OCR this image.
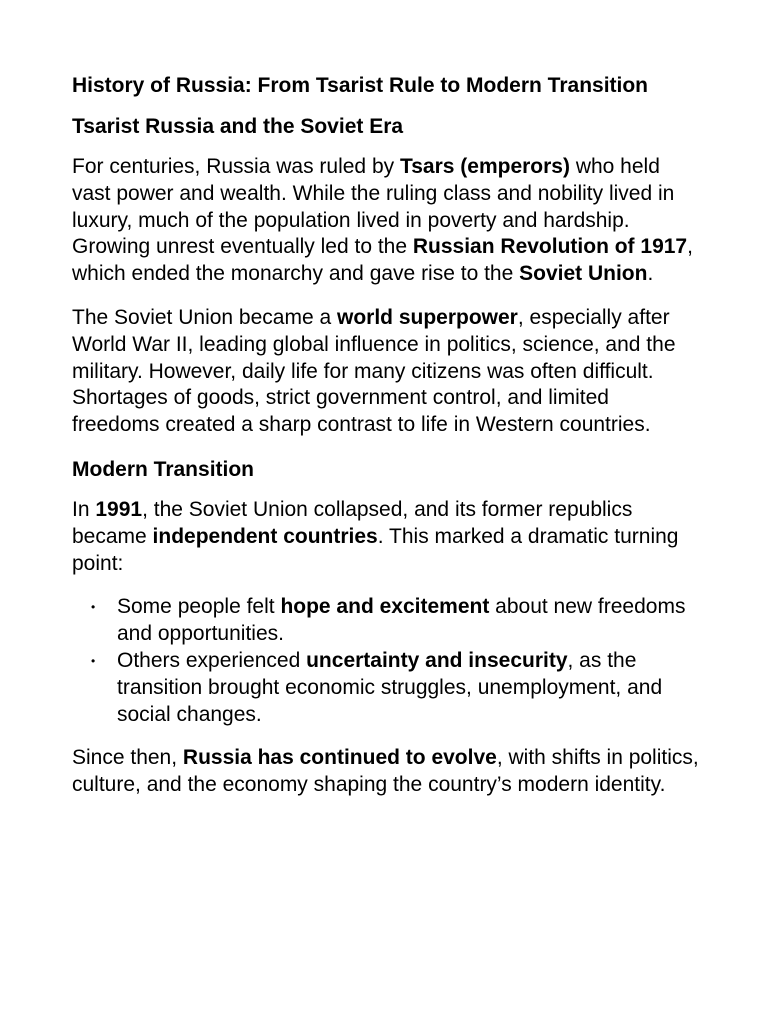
History of Russia: From Tsarist Rule to Modern Transition
Tsarist Russia and the Soviet Era

For centuries, Russia was ruled by Tsars (emperors) who held vast power and wealth. While the ruling class and nobility lived in luxury, much of the population lived in poverty and hardship. Growing unrest eventually led to the Russian Revolution of 1917, which ended the monarchy and gave rise to the Soviet Union.

The Soviet Union became a world superpower, especially after World War II, leading global influence in politics, science, and the military. However, daily life for many citizens was often difficult. Shortages of goods, strict government control, and limited freedoms created a sharp contrast to life in Western countries.

Modern Transition

In 1991, the Soviet Union collapsed, and its former republics became independent countries. This marked a dramatic turning point:

• Some people felt hope and excitement about new freedoms and opportunities.
• Others experienced uncertainty and insecurity, as the transition brought economic struggles, unemployment, and social changes.

Since then, Russia has continued to evolve, with shifts in politics, culture, and the economy shaping the country’s modern identity.
